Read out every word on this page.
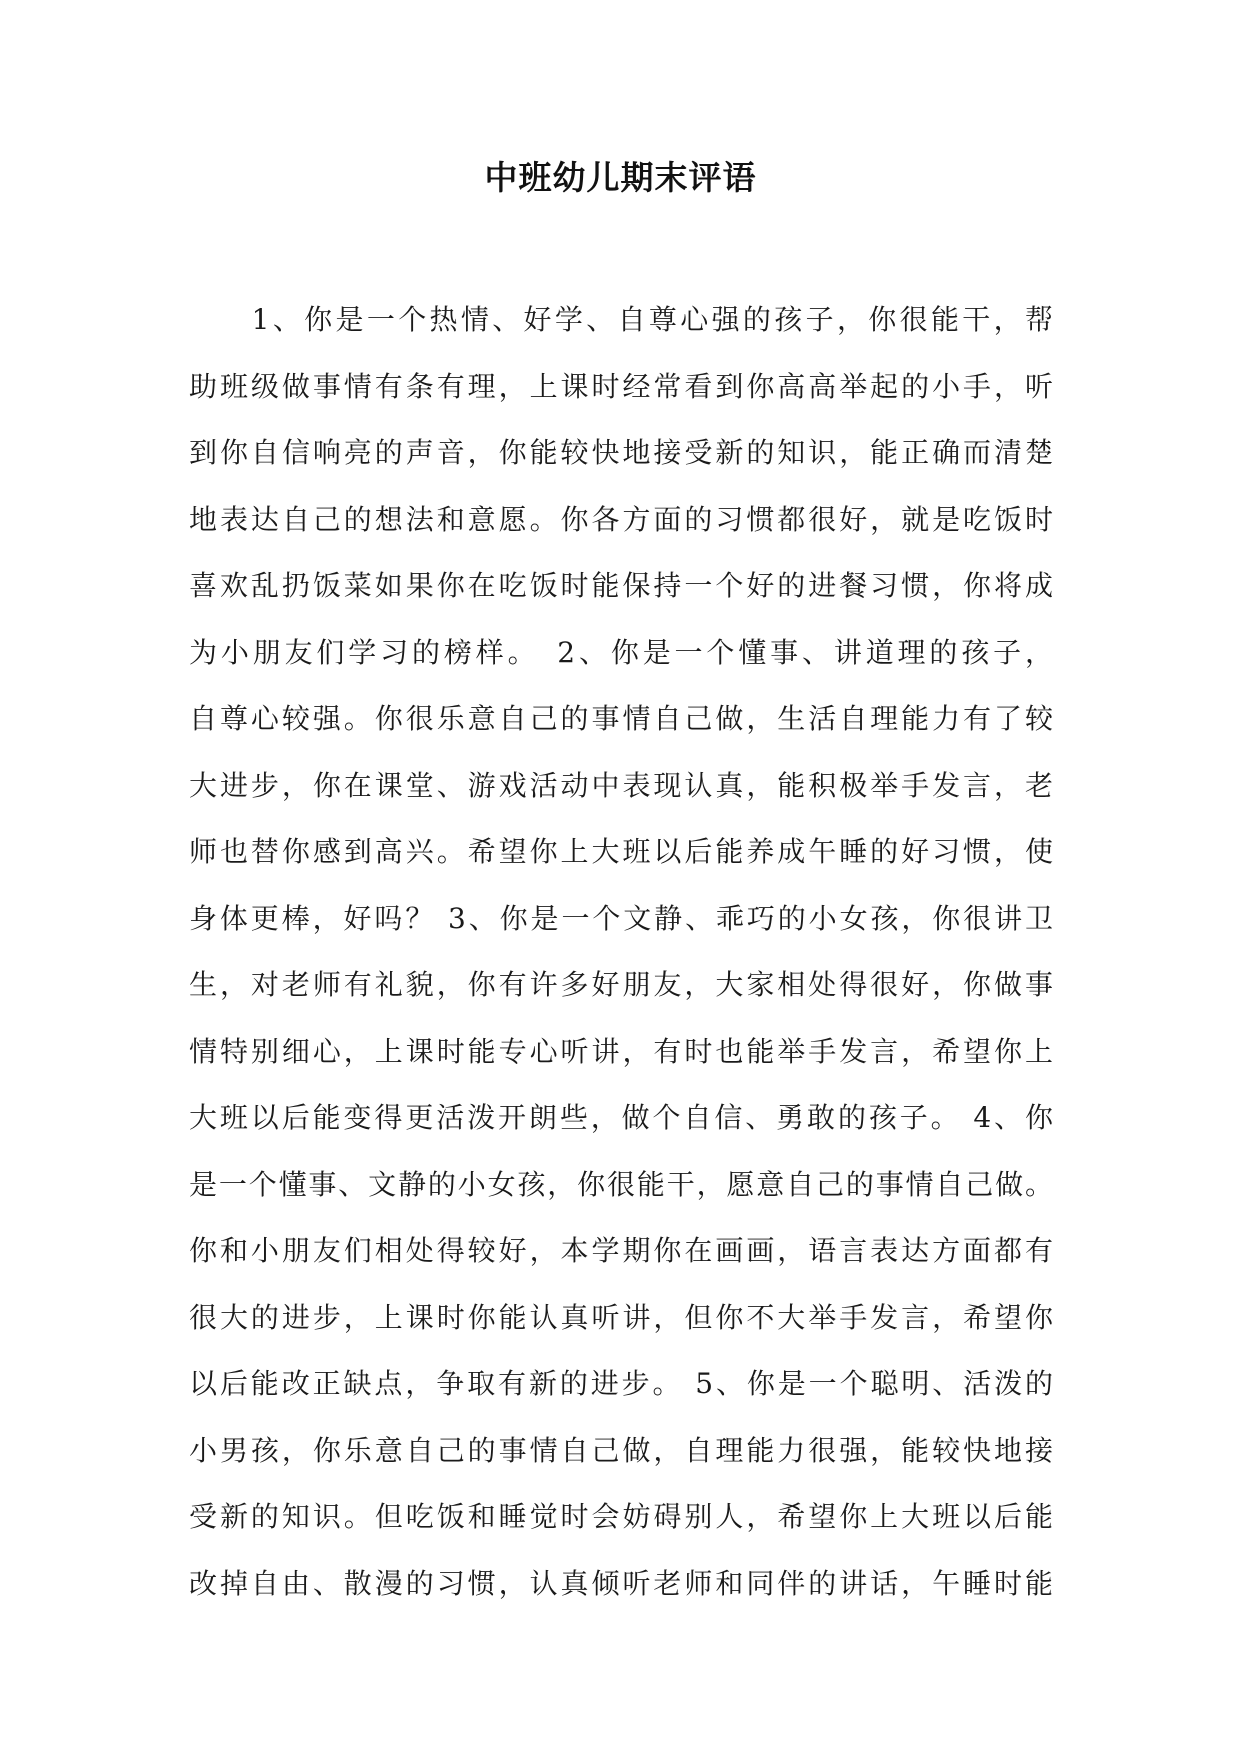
中班幼儿期末评语
　　1、你是一个热情、好学、自尊心强的孩子，你很能干，帮
助班级做事情有条有理，上课时经常看到你高高举起的小手，听
到你自信响亮的声音，你能较快地接受新的知识，能正确而清楚
地表达自己的想法和意愿。你各方面的习惯都很好，就是吃饭时
喜欢乱扔饭菜如果你在吃饭时能保持一个好的进餐习惯，你将成
为小朋友们学习的榜样。　2、你是一个懂事、讲道理的孩子，
自尊心较强。你很乐意自己的事情自己做，生活自理能力有了较
大进步，你在课堂、游戏活动中表现认真，能积极举手发言，老
师也替你感到高兴。希望你上大班以后能养成午睡的好习惯，使
身体更棒，好吗？ 3、你是一个文静、乖巧的小女孩，你很讲卫
生，对老师有礼貌，你有许多好朋友，大家相处得很好，你做事
情特别细心，上课时能专心听讲，有时也能举手发言，希望你上
大班以后能变得更活泼开朗些，做个自信、勇敢的孩子。 4、你
是一个懂事、文静的小女孩，你很能干，愿意自己的事情自己做。
你和小朋友们相处得较好，本学期你在画画，语言表达方面都有
很大的进步，上课时你能认真听讲，但你不大举手发言，希望你
以后能改正缺点，争取有新的进步。 5、你是一个聪明、活泼的
小男孩，你乐意自己的事情自己做，自理能力很强，能较快地接
受新的知识。但吃饭和睡觉时会妨碍别人，希望你上大班以后能
改掉自由、散漫的习惯，认真倾听老师和同伴的讲话，午睡时能
